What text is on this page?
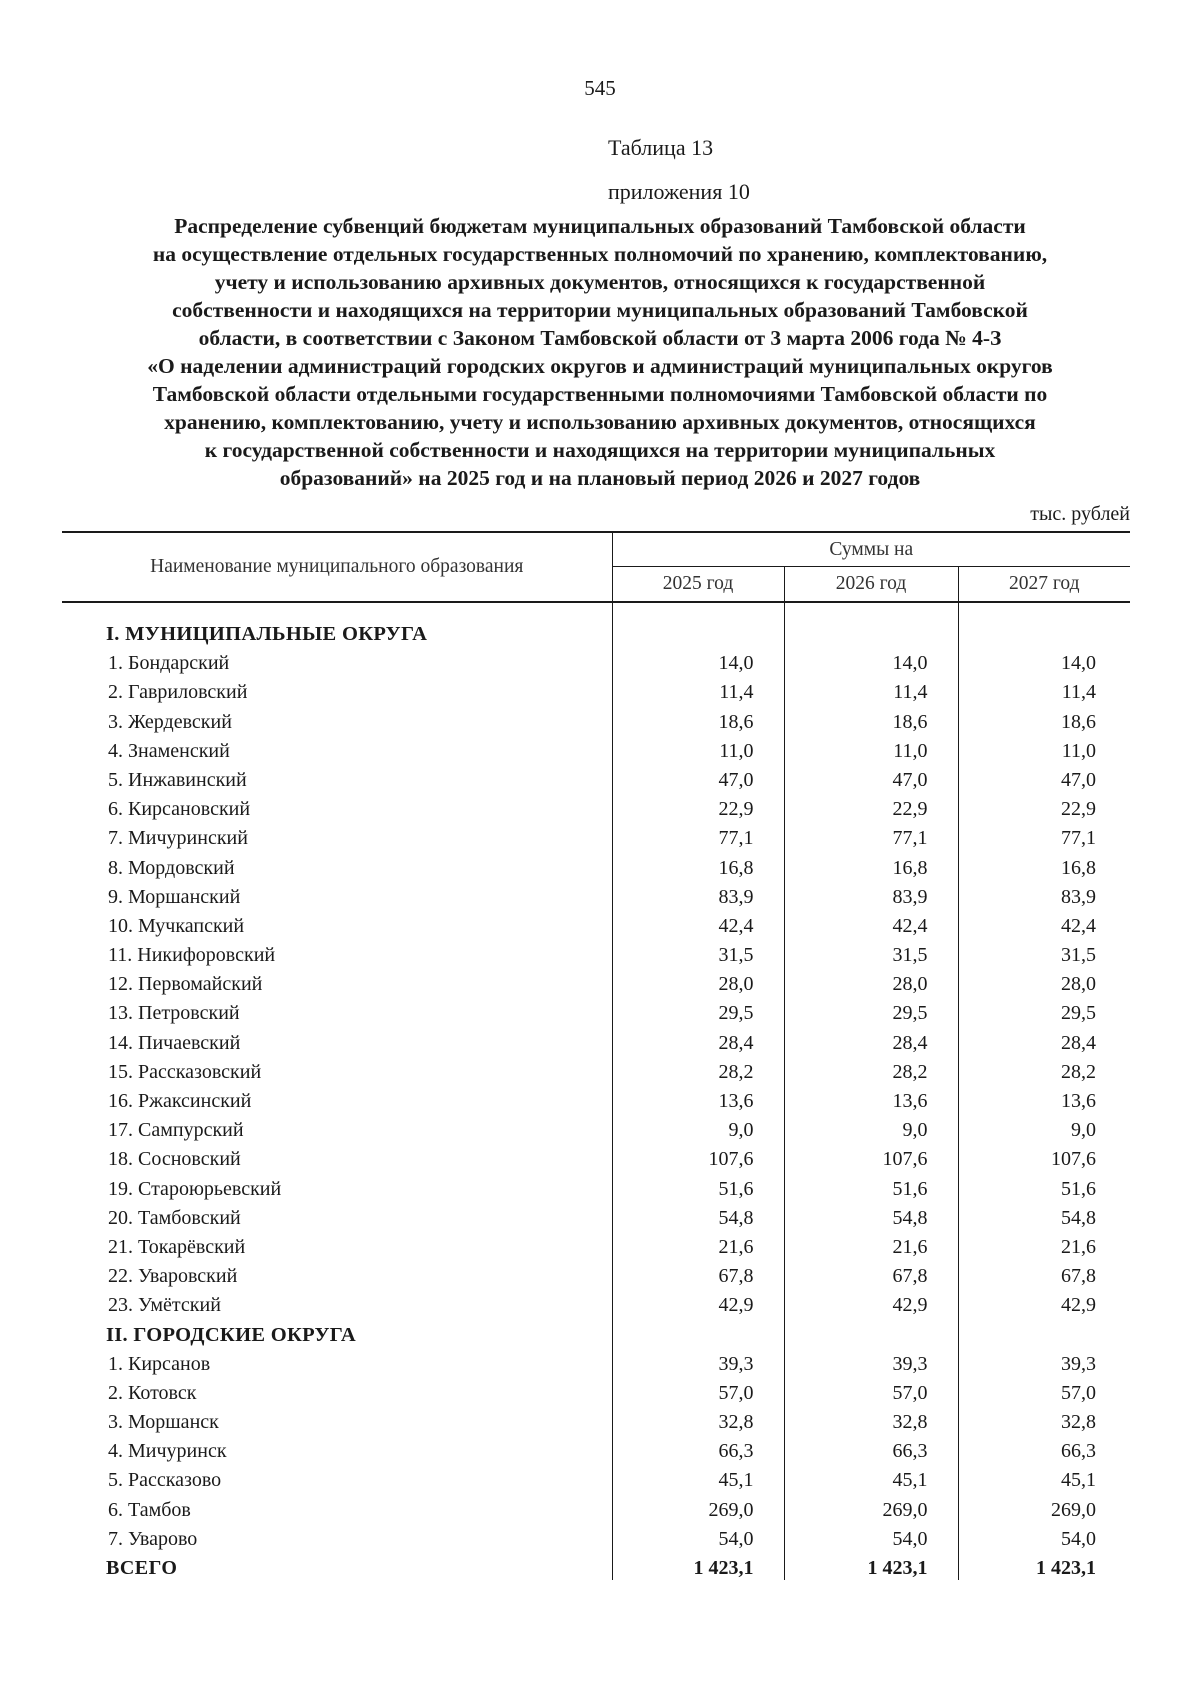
545
Таблица 13
приложения 10
Распределение субвенций бюджетам муниципальных образований Тамбовской области
на осуществление отдельных государственных полномочий по хранению, комплектованию,
учету и использованию архивных документов, относящихся к государственной
собственности и находящихся на территории муниципальных образований Тамбовской
области, в соответствии с Законом Тамбовской области от 3 марта 2006 года № 4-З
«О наделении администраций городских округов и администраций муниципальных округов
Тамбовской области отдельными государственными полномочиями Тамбовской области по
хранению, комплектованию, учету и использованию архивных документов, относящихся
к государственной собственности и находящихся на территории муниципальных
образований» на 2025 год и на плановый период 2026 и 2027 годов
тыс. рублей
Наименование муниципального образования	Суммы на		
	2025 год	2026 год	2027 год
I. МУНИЦИПАЛЬНЫЕ ОКРУГА			
1. Бондарский	14,0	14,0	14,0
2. Гавриловский	11,4	11,4	11,4
3. Жердевский	18,6	18,6	18,6
4. Знаменский	11,0	11,0	11,0
5. Инжавинский	47,0	47,0	47,0
6. Кирсановский	22,9	22,9	22,9
7. Мичуринский	77,1	77,1	77,1
8. Мордовский	16,8	16,8	16,8
9. Моршанский	83,9	83,9	83,9
10. Мучкапский	42,4	42,4	42,4
11. Никифоровский	31,5	31,5	31,5
12. Первомайский	28,0	28,0	28,0
13. Петровский	29,5	29,5	29,5
14. Пичаевский	28,4	28,4	28,4
15. Рассказовский	28,2	28,2	28,2
16. Ржаксинский	13,6	13,6	13,6
17. Сампурский	9,0	9,0	9,0
18. Сосновский	107,6	107,6	107,6
19. Староюрьевский	51,6	51,6	51,6
20. Тамбовский	54,8	54,8	54,8
21. Токарёвский	21,6	21,6	21,6
22. Уваровский	67,8	67,8	67,8
23. Умётский	42,9	42,9	42,9
II. ГОРОДСКИЕ ОКРУГА			
1. Кирсанов	39,3	39,3	39,3
2. Котовск	57,0	57,0	57,0
3. Моршанск	32,8	32,8	32,8
4. Мичуринск	66,3	66,3	66,3
5. Рассказово	45,1	45,1	45,1
6. Тамбов	269,0	269,0	269,0
7. Уварово	54,0	54,0	54,0
ВСЕГО	1 423,1	1 423,1	1 423,1
